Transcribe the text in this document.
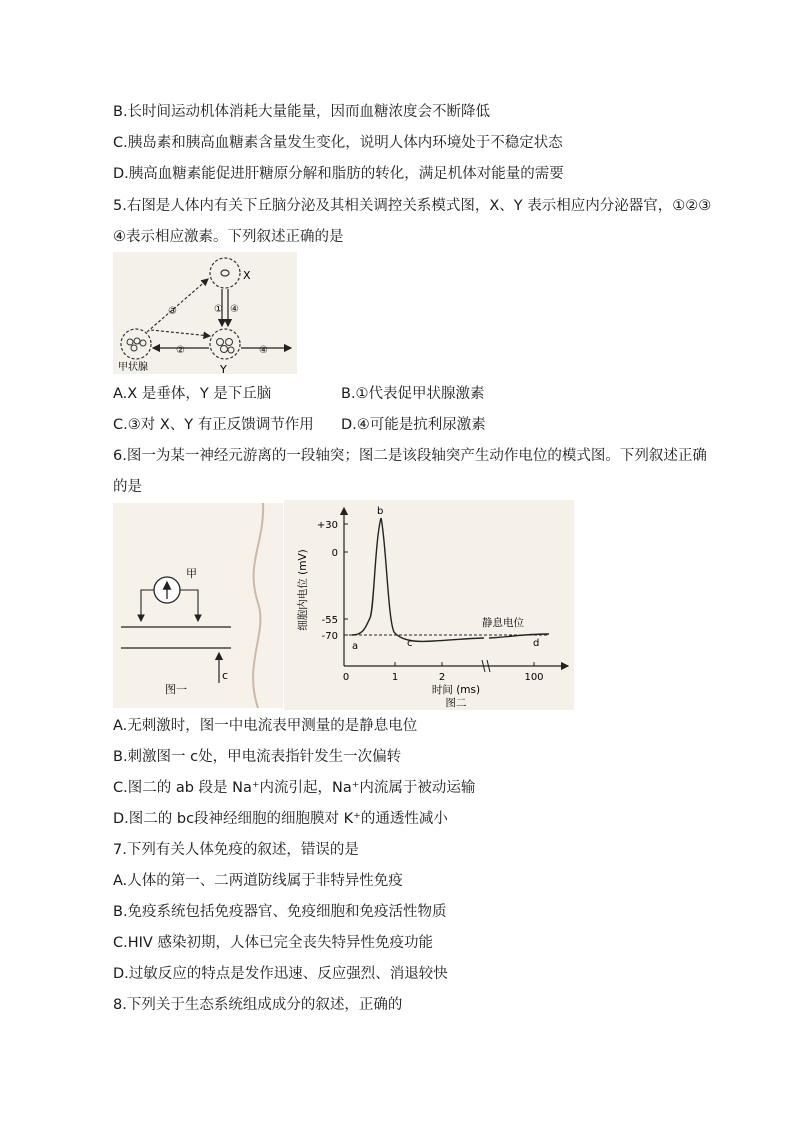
B.长时间运动机体消耗大量能量，因而血糖浓度会不断降低
C.胰岛素和胰高血糖素含量发生变化，说明人体内环境处于不稳定状态
D.胰高血糖素能促进肝糖原分解和脂肪的转化，满足机体对能量的需要
5.右图是人体内有关下丘脑分泌及其相关调控关系模式图，X、Y 表示相应内分泌器官，①②③
④表示相应激素。下列叙述正确的是
X
Y
甲状腺
① ④
③
②	④
A.X 是垂体，Y 是下丘脑	B.①代表促甲状腺激素
C.③对 X、Y 有正反馈调节作用 D.④可能是抗利尿激素
6.图一为某一神经元游离的一段轴突；图二是该段轴突产生动作电位的模式图。下列叙述正确
的是
甲
c
图一
细胞内电位 (mV)
+30
0
-55
-70
静息电位
a
b
c	d
0	1	2	100
时间 (ms)
图二
A.无刺激时，图一中电流表甲测量的是静息电位
B.刺激图一 c处，甲电流表指针发生一次偏转
C.图二的 ab 段是 Na⁺内流引起，Na⁺内流属于被动运输
D.图二的 bc段神经细胞的细胞膜对 K⁺的通透性减小
7.下列有关人体免疫的叙述，错误的是
A.人体的第一、二两道防线属于非特异性免疫
B.免疫系统包括免疫器官、免疫细胞和免疫活性物质
C.HIV 感染初期，人体已完全丧失特异性免疫功能
D.过敏反应的特点是发作迅速、反应强烈、消退较快
8.下列关于生态系统组成成分的叙述，正确的
